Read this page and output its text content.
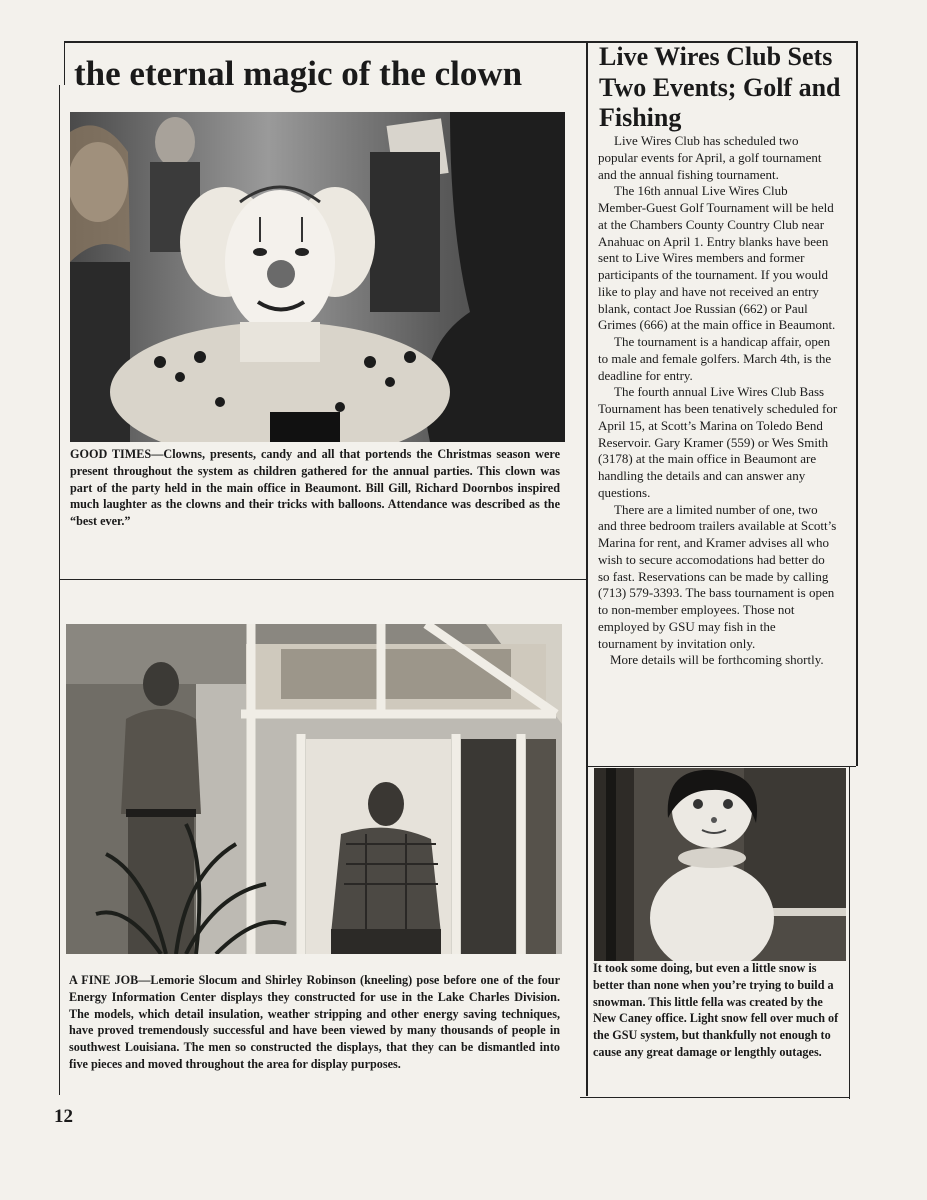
the eternal magic of the clown

GOOD TIMES—Clowns, presents, candy and all that portends the Christmas season were present throughout the system as children gathered for the annual parties. This clown was part of the party held in the main office in Beaumont. Bill Gill, Richard Doornbos inspired much laughter as the clowns and their tricks with balloons. Attendance was described as the “best ever.”

A FINE JOB—Lemorie Slocum and Shirley Robinson (kneeling) pose before one of the four Energy Information Center displays they constructed for use in the Lake Charles Division. The models, which detail insulation, weather stripping and other energy saving techniques, have proved tremendously successful and have been viewed by many thousands of people in southwest Louisiana. The men so constructed the displays, that they can be dismantled into five pieces and moved throughout the area for display purposes.

Live Wires Club Sets Two Events; Golf and Fishing

Live Wires Club has scheduled two popular events for April, a golf tournament and the annual fishing tournament.

The 16th annual Live Wires Club Member-Guest Golf Tournament will be held at the Chambers County Country Club near Anahuac on April 1. Entry blanks have been sent to Live Wires members and former participants of the tournament. If you would like to play and have not received an entry blank, contact Joe Russian (662) or Paul Grimes (666) at the main office in Beaumont.

The tournament is a handicap affair, open to male and female golfers. March 4th, is the deadline for entry.

The fourth annual Live Wires Club Bass Tournament has been tenatively scheduled for April 15, at Scott’s Marina on Toledo Bend Reservoir. Gary Kramer (559) or Wes Smith (3178) at the main office in Beaumont are handling the details and can answer any questions.

There are a limited number of one, two and three bedroom trailers available at Scott’s Marina for rent, and Kramer advises all who wish to secure accomodations had better do so fast. Reservations can be made by calling (713) 579-3393. The bass tournament is open to non-member employees. Those not employed by GSU may fish in the tournament by invitation only.

More details will be forthcoming shortly.

It took some doing, but even a little snow is better than none when you’re trying to build a snowman. This little fella was created by the New Caney office. Light snow fell over much of the GSU system, but thankfully not enough to cause any great damage or lengthly outages.

12
